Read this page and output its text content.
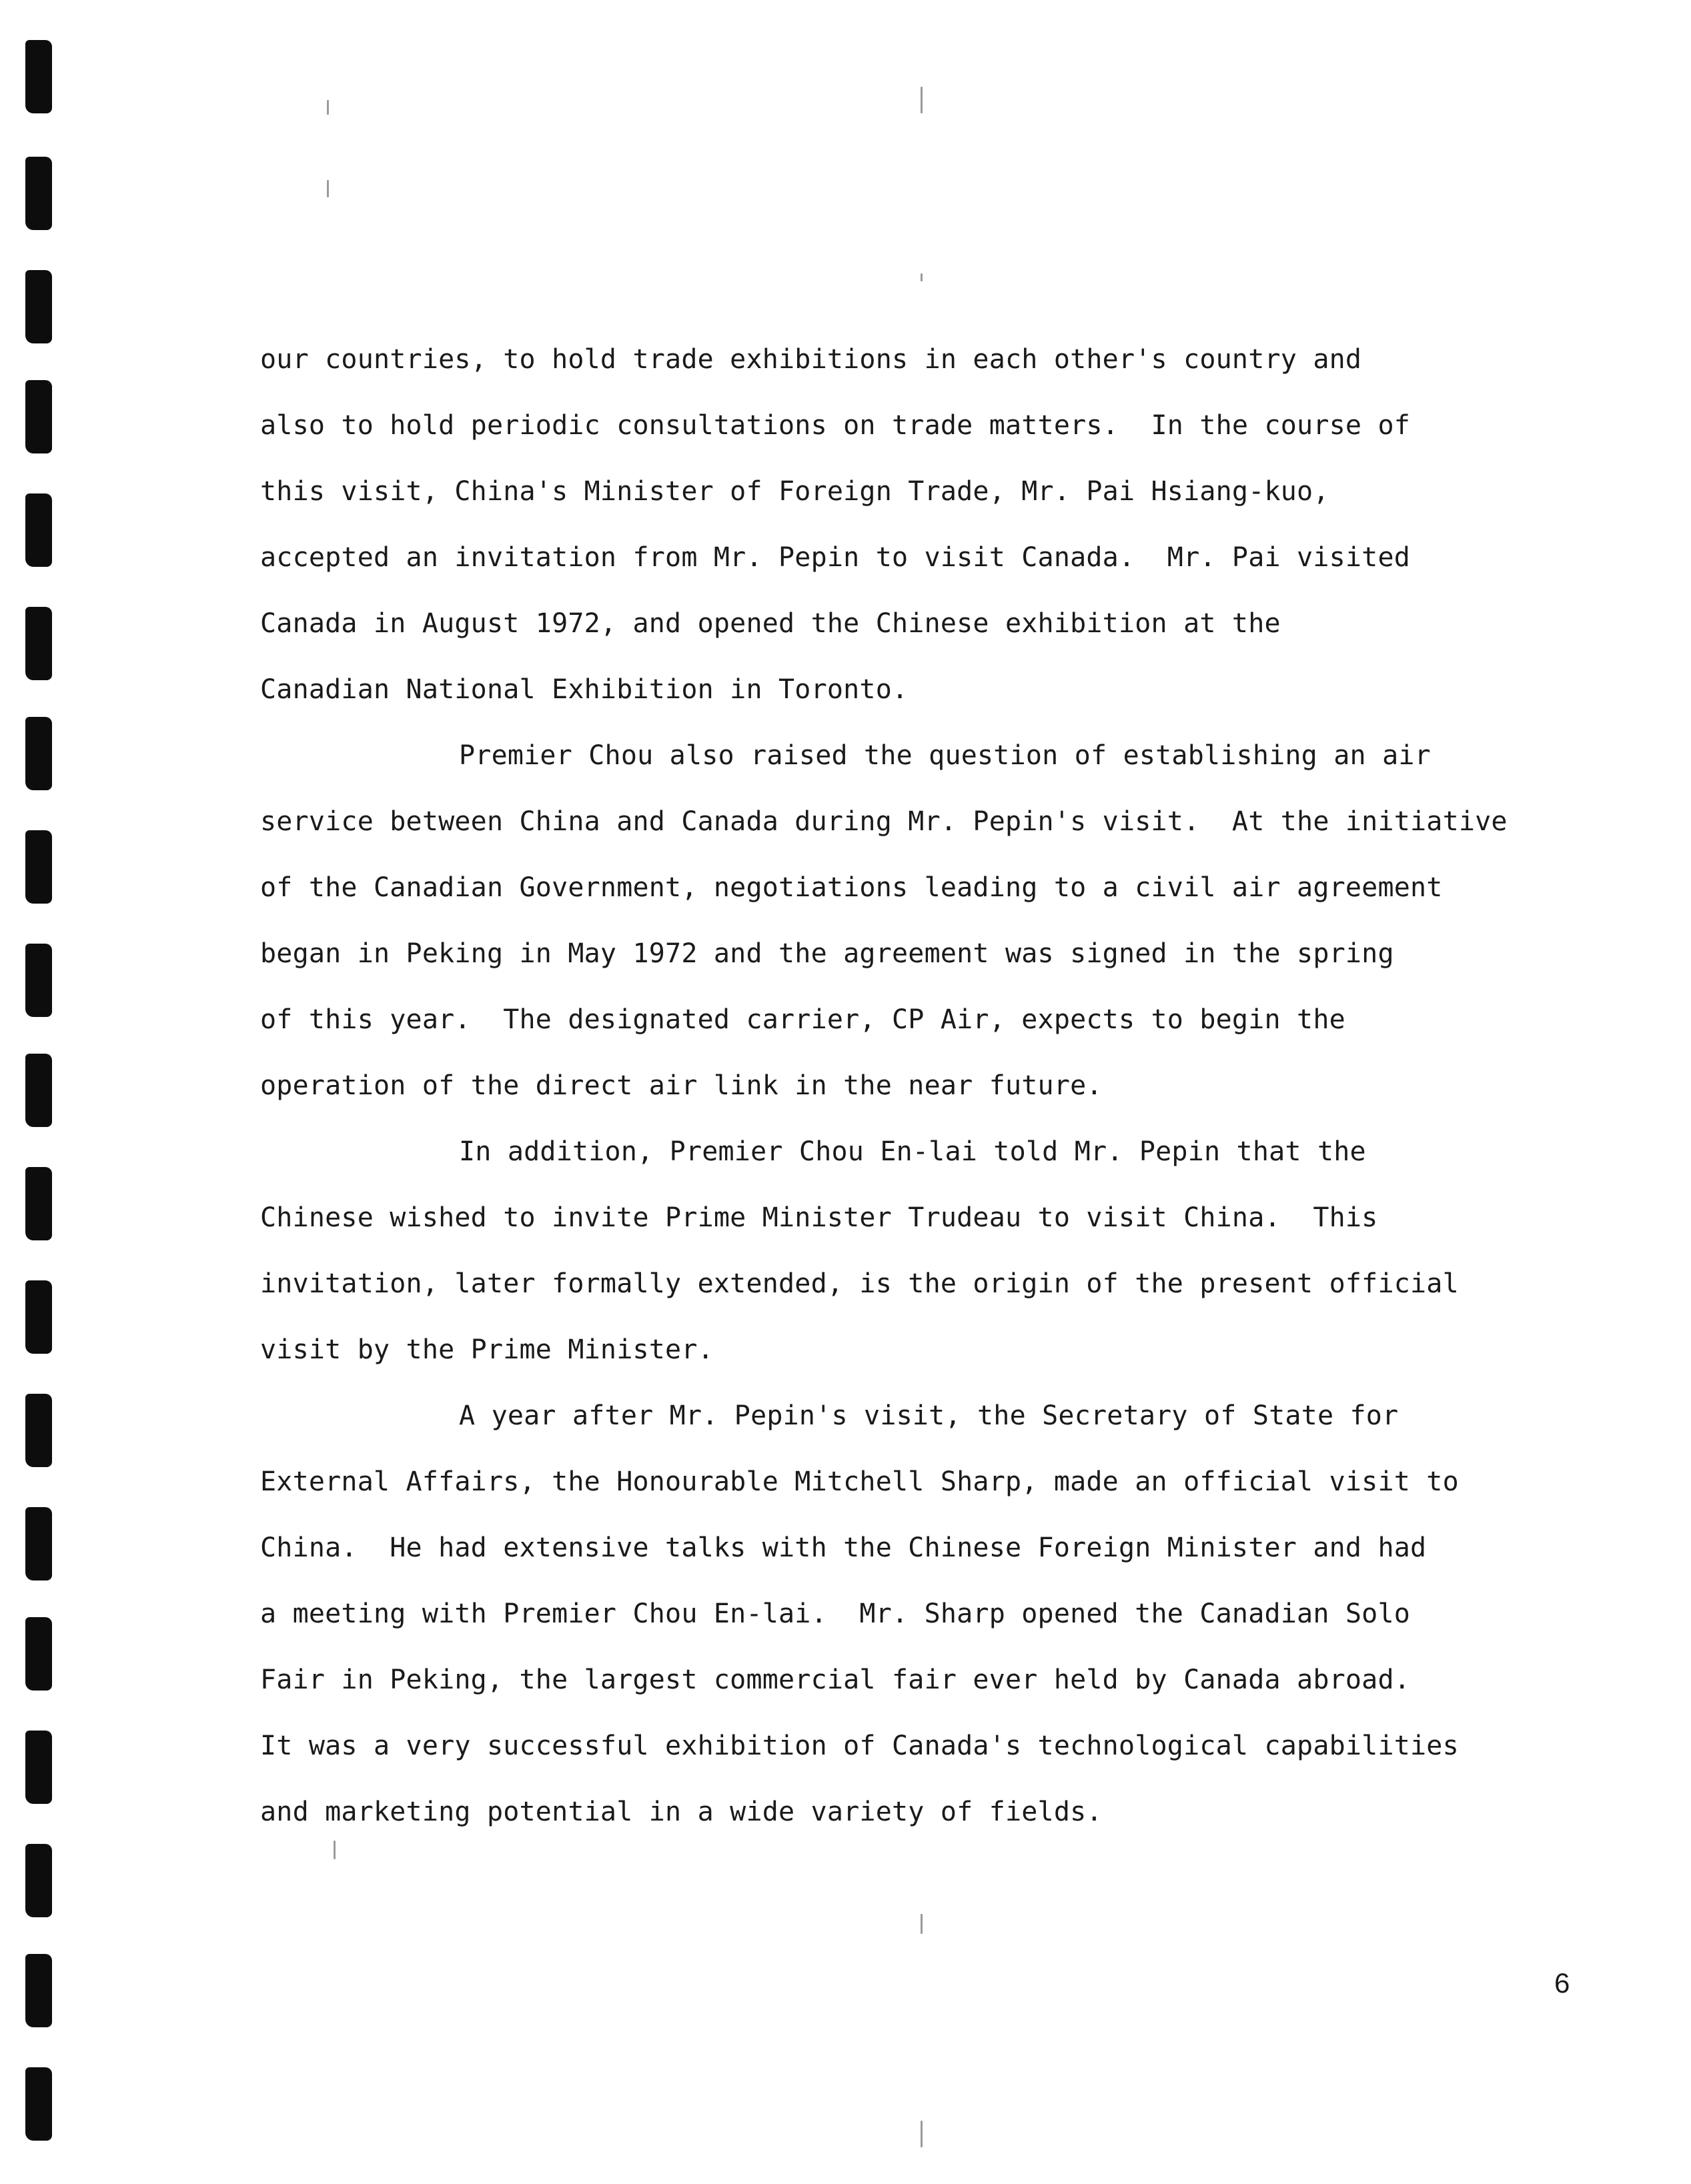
our countries, to hold trade exhibitions in each other's country and
also to hold periodic consultations on trade matters.  In the course of
this visit, China's Minister of Foreign Trade, Mr. Pai Hsiang-kuo,
accepted an invitation from Mr. Pepin to visit Canada.  Mr. Pai visited
Canada in August 1972, and opened the Chinese exhibition at the
Canadian National Exhibition in Toronto.
Premier Chou also raised the question of establishing an air
service between China and Canada during Mr. Pepin's visit.  At the initiative
of the Canadian Government, negotiations leading to a civil air agreement
began in Peking in May 1972 and the agreement was signed in the spring
of this year.  The designated carrier, CP Air, expects to begin the
operation of the direct air link in the near future.
In addition, Premier Chou En-lai told Mr. Pepin that the
Chinese wished to invite Prime Minister Trudeau to visit China.  This
invitation, later formally extended, is the origin of the present official
visit by the Prime Minister.
A year after Mr. Pepin's visit, the Secretary of State for
External Affairs, the Honourable Mitchell Sharp, made an official visit to
China.  He had extensive talks with the Chinese Foreign Minister and had
a meeting with Premier Chou En-lai.  Mr. Sharp opened the Canadian Solo
Fair in Peking, the largest commercial fair ever held by Canada abroad.
It was a very successful exhibition of Canada's technological capabilities
and marketing potential in a wide variety of fields.
6
